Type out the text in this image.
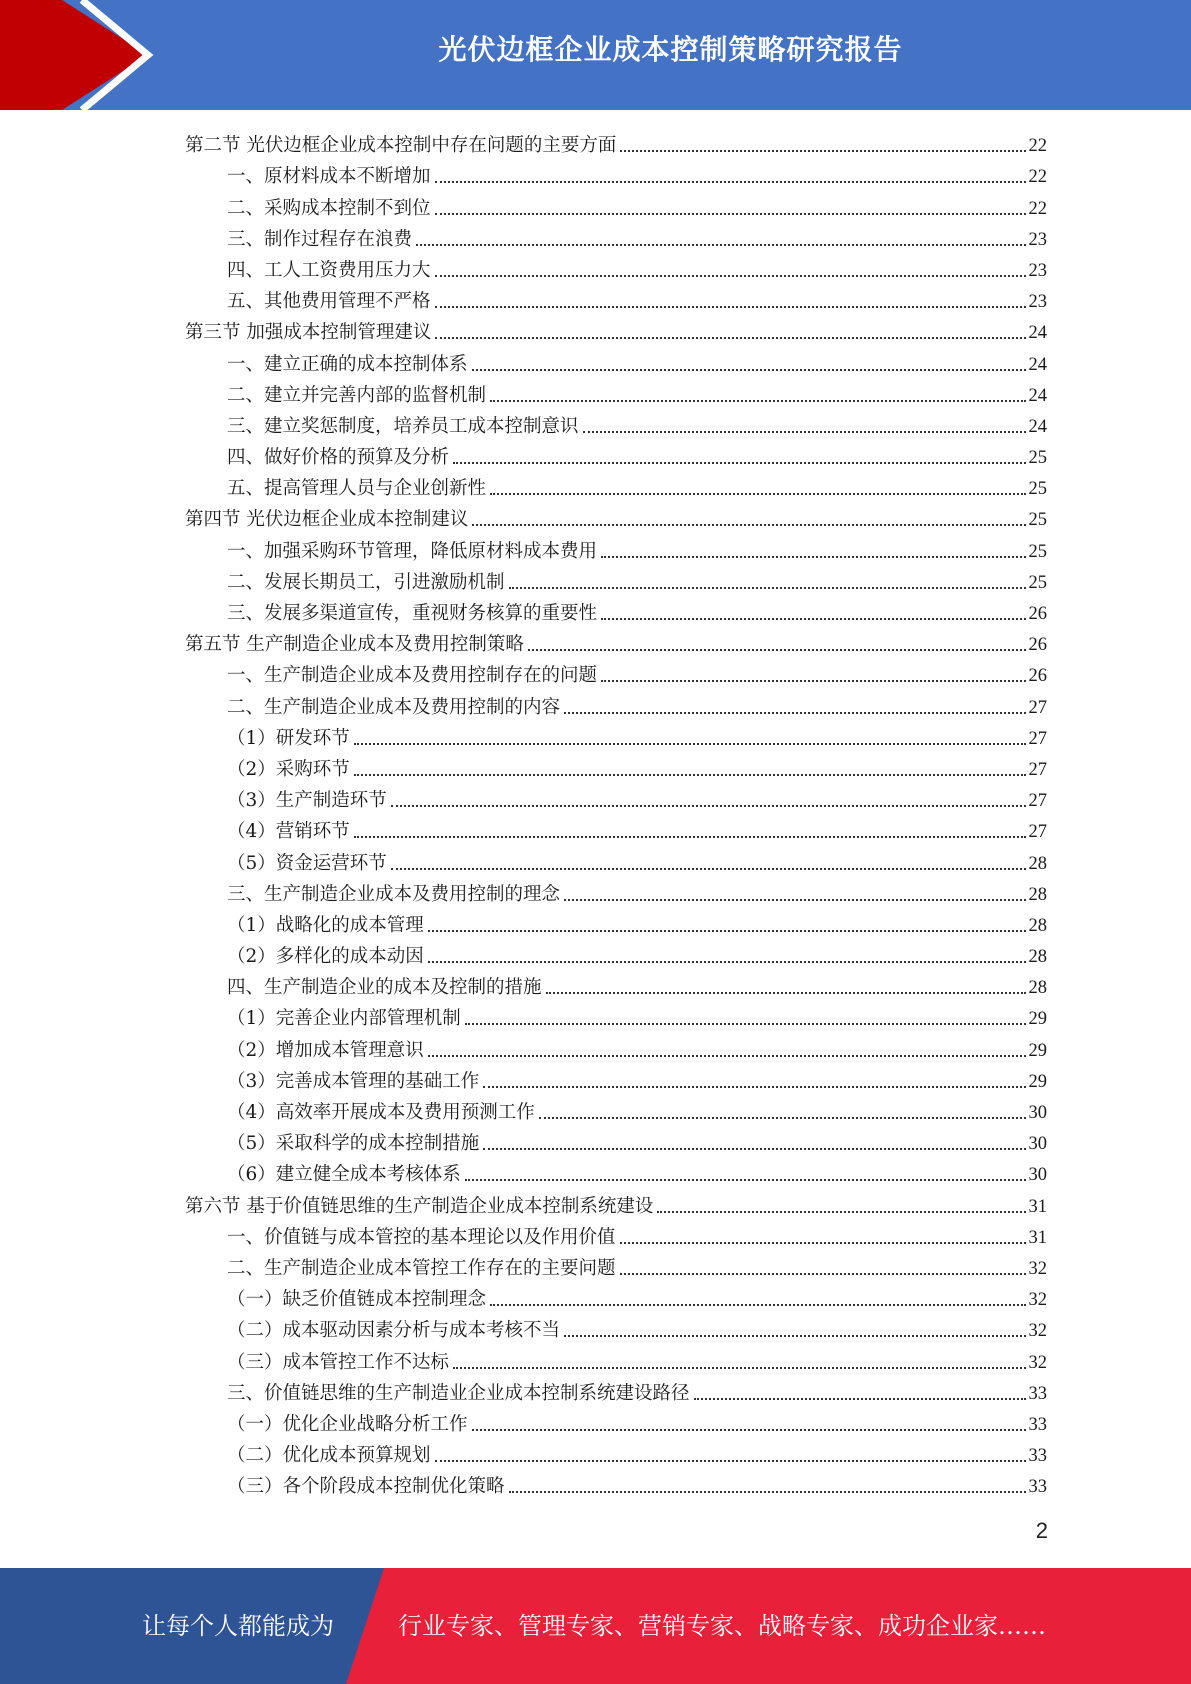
光伏边框企业成本控制策略研究报告
第二节 光伏边框企业成本控制中存在问题的主要方面	22
一、原材料成本不断增加	22
二、采购成本控制不到位	22
三、制作过程存在浪费	23
四、工人工资费用压力大	23
五、其他费用管理不严格	23
第三节 加强成本控制管理建议	24
一、建立正确的成本控制体系	24
二、建立并完善内部的监督机制	24
三、建立奖惩制度，培养员工成本控制意识	24
四、做好价格的预算及分析	25
五、提高管理人员与企业创新性	25
第四节 光伏边框企业成本控制建议	25
一、加强采购环节管理，降低原材料成本费用	25
二、发展长期员工，引进激励机制	25
三、发展多渠道宣传，重视财务核算的重要性	26
第五节 生产制造企业成本及费用控制策略	26
一、生产制造企业成本及费用控制存在的问题	26
二、生产制造企业成本及费用控制的内容	27
（1）研发环节	27
（2）采购环节	27
（3）生产制造环节	27
（4）营销环节	27
（5）资金运营环节	28
三、生产制造企业成本及费用控制的理念	28
（1）战略化的成本管理	28
（2）多样化的成本动因	28
四、生产制造企业的成本及控制的措施	28
（1）完善企业内部管理机制	29
（2）增加成本管理意识	29
（3）完善成本管理的基础工作	29
（4）高效率开展成本及费用预测工作	30
（5）采取科学的成本控制措施	30
（6）建立健全成本考核体系	30
第六节 基于价值链思维的生产制造企业成本控制系统建设	31
一、价值链与成本管控的基本理论以及作用价值	31
二、生产制造企业成本管控工作存在的主要问题	32
（一）缺乏价值链成本控制理念	32
（二）成本驱动因素分析与成本考核不当	32
（三）成本管控工作不达标	32
三、价值链思维的生产制造业企业成本控制系统建设路径	33
（一）优化企业战略分析工作	33
（二）优化成本预算规划	33
（三）各个阶段成本控制优化策略	33
2
让每个人都能成为	行业专家、管理专家、营销专家、战略专家、成功企业家……
